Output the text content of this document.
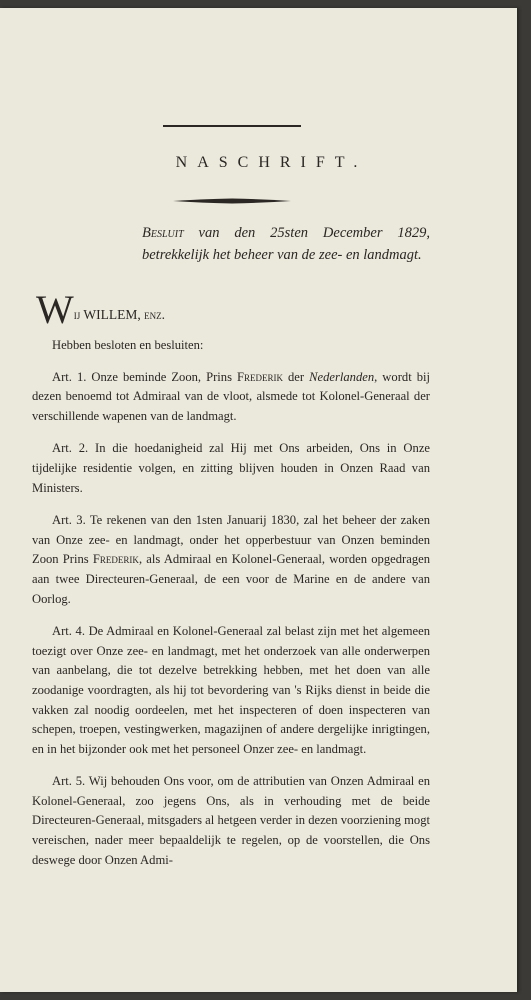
NASCHRIFT.
Besluit van den 25sten December 1829, betrekkelijk het beheer van de zee- en landmagt.
Wij WILLEM, enz.

Hebben besloten en besluiten:

Art. 1. Onze beminde Zoon, Prins Frederik der Nederlanden, wordt bij dezen benoemd tot Admiraal van de vloot, alsmede tot Kolonel-Generaal der verschillende wapenen van de landmagt.

Art. 2. In die hoedanigheid zal Hij met Ons arbeiden, Ons in Onze tijdelijke residentie volgen, en zitting blijven houden in Onzen Raad van Ministers.

Art. 3. Te rekenen van den 1sten Januarij 1830, zal het beheer der zaken van Onze zee- en landmagt, onder het opperbestuur van Onzen beminden Zoon Prins Frederik, als Admiraal en Kolonel-Generaal, worden opgedragen aan twee Directeuren-Generaal, de een voor de Marine en de andere van Oorlog.

Art. 4. De Admiraal en Kolonel-Generaal zal belast zijn met het algemeen toezigt over Onze zee- en landmagt, met het onderzoek van alle onderwerpen van aanbelang, die tot dezelve betrekking hebben, met het doen van alle zoodanige voordragten, als hij tot bevordering van 's Rijks dienst in beide die vakken zal noodig oordeelen, met het inspecteren of doen inspecteren van schepen, troepen, vestingwerken, magazijnen of andere dergelijke inrigtingen, en in het bijzonder ook met het personeel Onzer zee- en landmagt.

Art. 5. Wij behouden Ons voor, om de attributien van Onzen Admiraal en Kolonel-Generaal, zoo jegens Ons, als in verhouding met de beide Directeuren-Generaal, mitsgaders al hetgeen verder in dezen voorziening mogt vereischen, nader meer bepaaldelijk te regelen, op de voorstellen, die Ons deswege door Onzen Admi-
